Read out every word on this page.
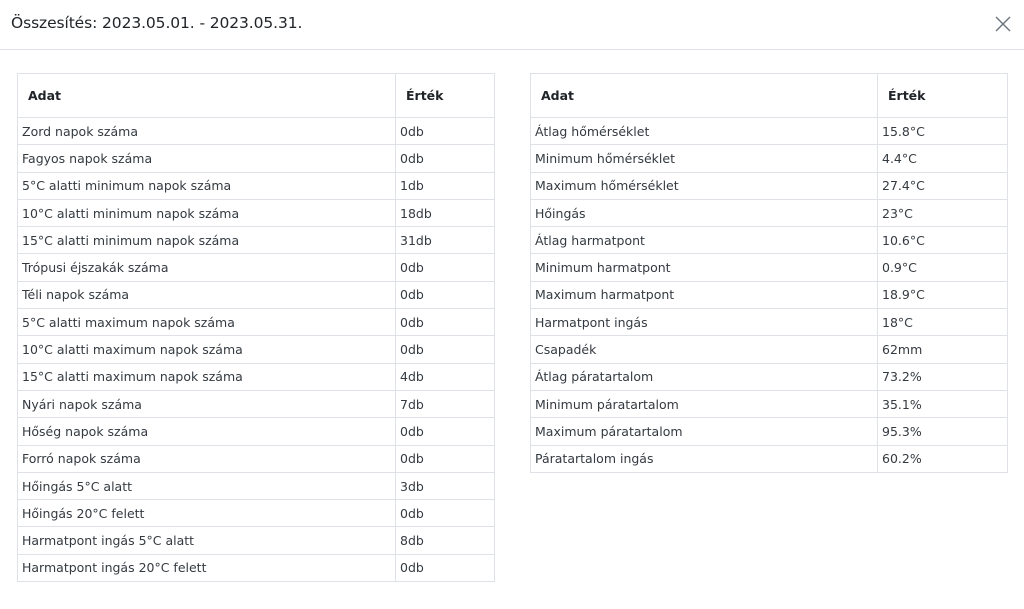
Összesítés: 2023.05.01. - 2023.05.31.
Adat	Érték
Zord napok száma	0db
Fagyos napok száma	0db
5°C alatti minimum napok száma	1db
10°C alatti minimum napok száma	18db
15°C alatti minimum napok száma	31db
Trópusi éjszakák száma	0db
Téli napok száma	0db
5°C alatti maximum napok száma	0db
10°C alatti maximum napok száma	0db
15°C alatti maximum napok száma	4db
Nyári napok száma	7db
Hőség napok száma	0db
Forró napok száma	0db
Hőingás 5°C alatt	3db
Hőingás 20°C felett	0db
Harmatpont ingás 5°C alatt	8db
Harmatpont ingás 20°C felett	0db
Adat	Érték
Átlag hőmérséklet	15.8°C
Minimum hőmérséklet	4.4°C
Maximum hőmérséklet	27.4°C
Hőingás	23°C
Átlag harmatpont	10.6°C
Minimum harmatpont	0.9°C
Maximum harmatpont	18.9°C
Harmatpont ingás	18°C
Csapadék	62mm
Átlag páratartalom	73.2%
Minimum páratartalom	35.1%
Maximum páratartalom	95.3%
Páratartalom ingás	60.2%
